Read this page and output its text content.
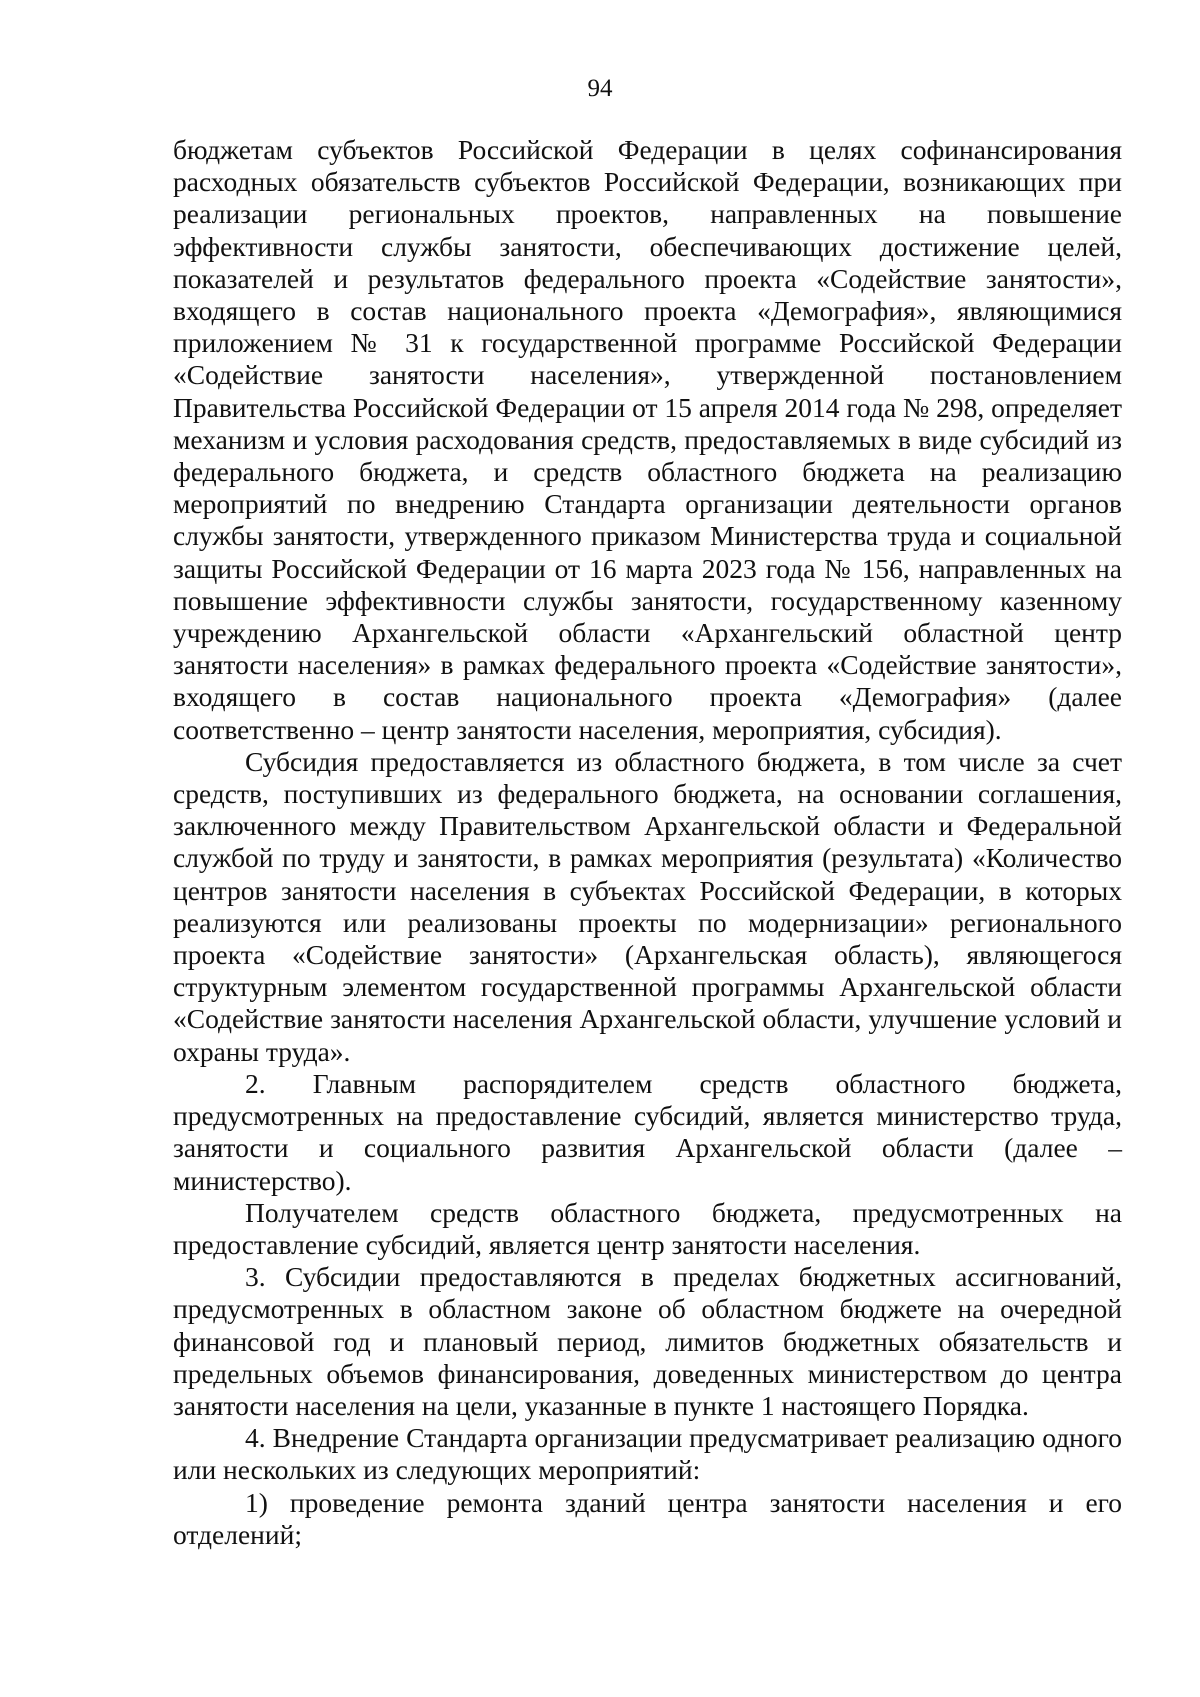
94

бюджетам субъектов Российской Федерации в целях софинансирования расходных обязательств субъектов Российской Федерации, возникающих при реализации региональных проектов, направленных на повышение эффективности службы занятости, обеспечивающих достижение целей, показателей и результатов федерального проекта «Содействие занятости», входящего в состав национального проекта «Демография», являющимися приложением № 31 к государственной программе Российской Федерации «Содействие занятости населения», утвержденной постановлением Правительства Российской Федерации от 15 апреля 2014 года № 298, определяет механизм и условия расходования средств, предоставляемых в виде субсидий из федерального бюджета, и средств областного бюджета на реализацию мероприятий по внедрению Стандарта организации деятельности органов службы занятости, утвержденного приказом Министерства труда и социальной защиты Российской Федерации от 16 марта 2023 года № 156, направленных на повышение эффективности службы занятости, государственному казенному учреждению Архангельской области «Архангельский областной центр занятости населения» в рамках федерального проекта «Содействие занятости», входящего в состав национального проекта «Демография» (далее соответственно – центр занятости населения, мероприятия, субсидия).

Субсидия предоставляется из областного бюджета, в том числе за счет средств, поступивших из федерального бюджета, на основании соглашения, заключенного между Правительством Архангельской области и Федеральной службой по труду и занятости, в рамках мероприятия (результата) «Количество центров занятости населения в субъектах Российской Федерации, в которых реализуются или реализованы проекты по модернизации» регионального проекта «Содействие занятости» (Архангельская область), являющегося структурным элементом государственной программы Архангельской области «Содействие занятости населения Архангельской области, улучшение условий и охраны труда».

2. Главным распорядителем средств областного бюджета, предусмотренных на предоставление субсидий, является министерство труда, занятости и социального развития Архангельской области (далее – министерство).

Получателем средств областного бюджета, предусмотренных на предоставление субсидий, является центр занятости населения.

3. Субсидии предоставляются в пределах бюджетных ассигнований, предусмотренных в областном законе об областном бюджете на очередной финансовой год и плановый период, лимитов бюджетных обязательств и предельных объемов финансирования, доведенных министерством до центра занятости населения на цели, указанные в пункте 1 настоящего Порядка.

4. Внедрение Стандарта организации предусматривает реализацию одного или нескольких из следующих мероприятий:

1) проведение ремонта зданий центра занятости населения и его отделений;
